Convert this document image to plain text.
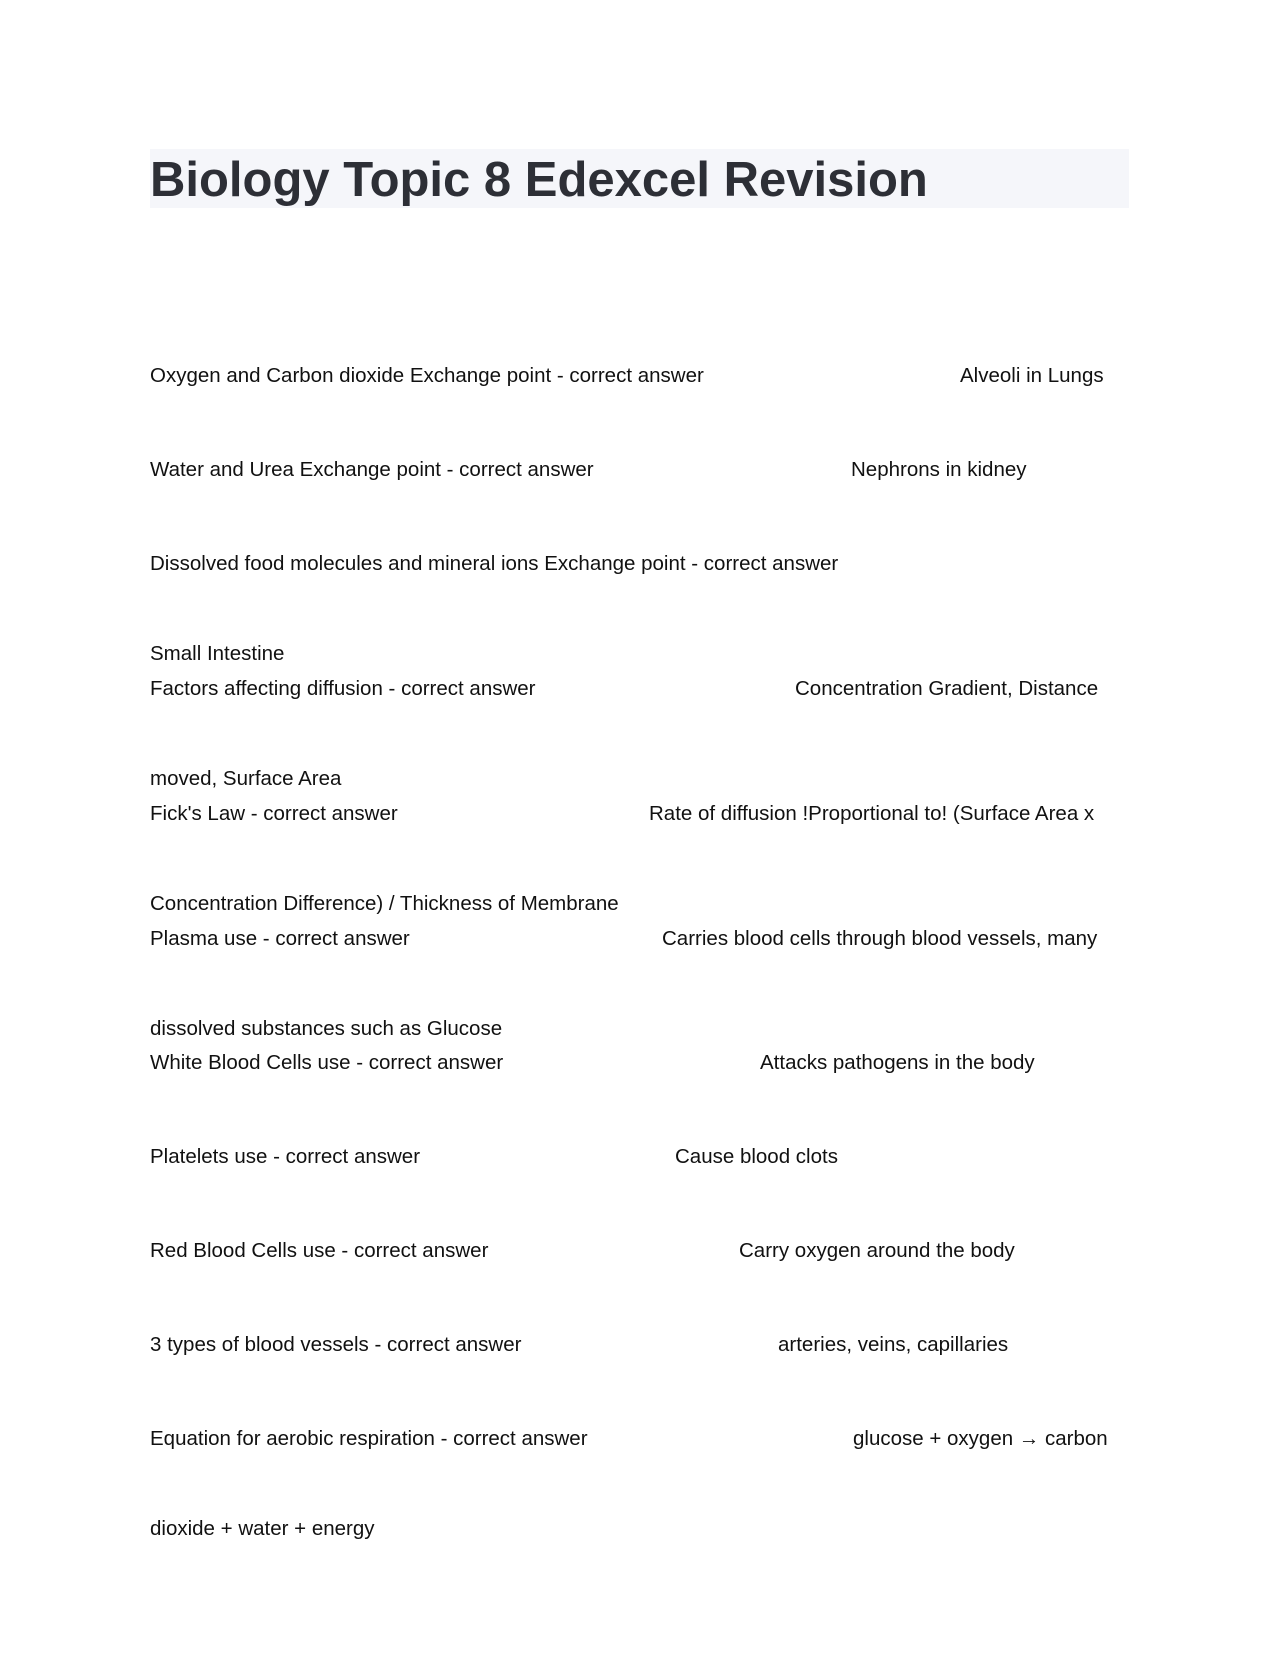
Biology Topic 8 Edexcel Revision

Oxygen and Carbon dioxide Exchange point - correct answer

	Alveoli in Lungs

Water and Urea Exchange point - correct answer

	Nephrons in kidney

Dissolved food molecules and mineral ions Exchange point - correct answer

Small Intestine

Factors affecting diffusion - correct answer

	Concentration Gradient, Distance

moved, Surface Area

Fick's Law - correct answer

	Rate of diffusion !Proportional to! (Surface Area x

Concentration Difference) / Thickness of Membrane

Plasma use - correct answer

	Carries blood cells through blood vessels, many

dissolved substances such as Glucose

White Blood Cells use - correct answer

	Attacks pathogens in the body

Platelets use - correct answer

	Cause blood clots

Red Blood Cells use - correct answer

	Carry oxygen around the body

3 types of blood vessels - correct answer

	arteries, veins, capillaries

Equation for aerobic respiration - correct answer

	glucose + oxygen → carbon

dioxide + water + energy
